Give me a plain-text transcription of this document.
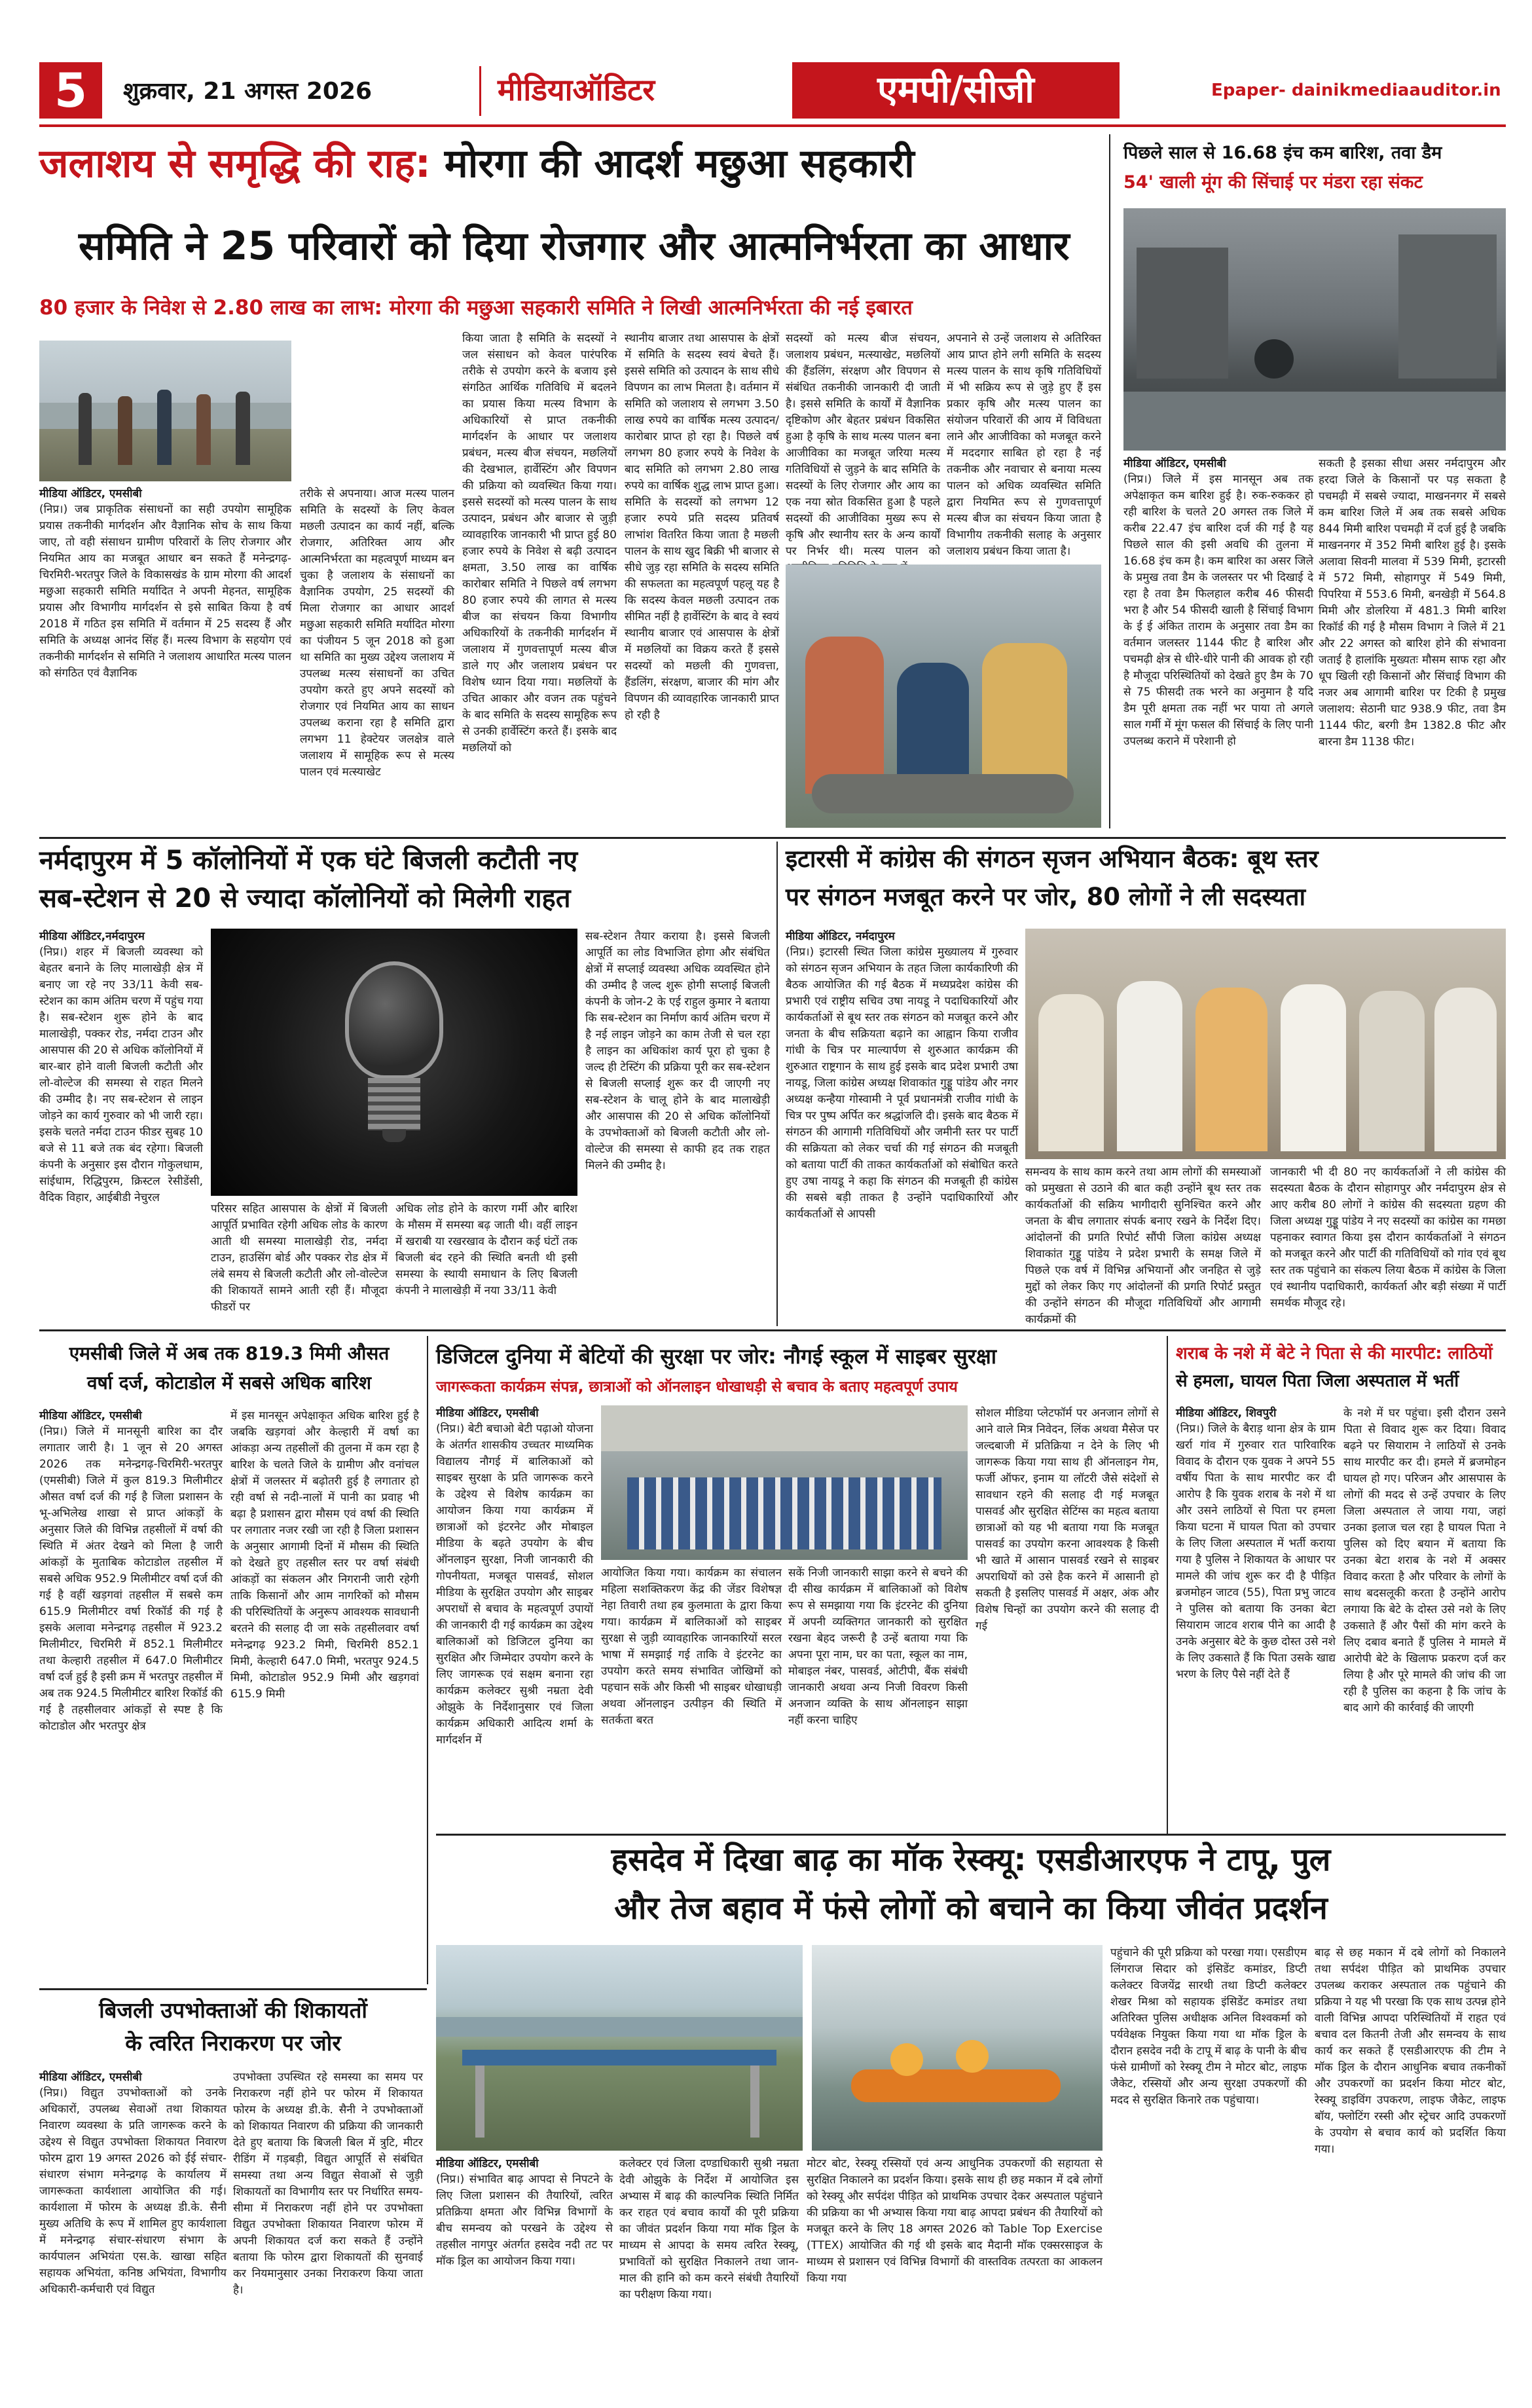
5	शुक्रवार, 21 अगस्त 2026	मीडियाऑडिटर	एमपी/सीजी	Epaper- dainikmediaauditor.in
जलाशय से समृद्धि की राह: मोरगा की आदर्श मछुआ सहकारी
समिति ने 25 परिवारों को दिया रोजगार और आत्मनिर्भरता का आधार
80 हजार के निवेश से 2.80 लाख का लाभ: मोरगा की मछुआ सहकारी समिति ने लिखी आत्मनिर्भरता की नई इबारत
मीडिया ऑडिटर, एमसीबी
(निप्र।) जब प्राकृतिक संसाधनों का सही उपयोग सामूहिक प्रयास तकनीकी मार्गदर्शन और वैज्ञानिक सोच के साथ किया जाए, तो वही संसाधन ग्रामीण परिवारों के लिए रोजगार और नियमित आय का मजबूत आधार बन सकते हैं मनेन्द्रगढ़-चिरमिरी-भरतपुर जिले के विकासखंड के ग्राम मोरगा की आदर्श मछुआ सहकारी समिति मर्यादित ने अपनी मेहनत, सामूहिक प्रयास और विभागीय मार्गदर्शन से इसे साबित किया है वर्ष 2018 में गठित इस समिति में वर्तमान में 25 सदस्य हैं और समिति के अध्यक्ष आनंद सिंह हैं। मत्स्य विभाग के सहयोग एवं तकनीकी मार्गदर्शन से समिति ने जलाशय आधारित मत्स्य पालन को संगठित एवं वैज्ञानिक
तरीके से अपनाया। आज मत्स्य पालन समिति के सदस्यों के लिए केवल मछली उत्पादन का कार्य नहीं, बल्कि रोजगार, अतिरिक्त आय और आत्मनिर्भरता का महत्वपूर्ण माध्यम बन चुका है जलाशय के संसाधनों का वैज्ञानिक उपयोग, 25 सदस्यों की मिला रोजगार का आधार आदर्श मछुआ सहकारी समिति मर्यादित मोरगा का पंजीयन 5 जून 2018 को हुआ था समिति का मुख्य उद्देश्य जलाशय में उपलब्ध मत्स्य संसाधनों का उचित उपयोग करते हुए अपने सदस्यों को रोजगार एवं नियमित आय का साधन उपलब्ध कराना रहा है समिति द्वारा लगभग 11 हेक्टेयर जलक्षेत्र वाले जलाशय में सामूहिक रूप से मत्स्य पालन एवं मत्स्याखेट
किया जाता है समिति के सदस्यों ने जल संसाधन को केवल पारंपरिक तरीके से उपयोग करने के बजाय इसे संगठित आर्थिक गतिविधि में बदलने का प्रयास किया मत्स्य विभाग के अधिकारियों से प्राप्त तकनीकी मार्गदर्शन के आधार पर जलाशय प्रबंधन, मत्स्य बीज संचयन, मछलियों की देखभाल, हार्वेस्टिंग और विपणन की प्रक्रिया को व्यवस्थित किया गया। इससे सदस्यों को मत्स्य पालन के साथ उत्पादन, प्रबंधन और बाजार से जुड़ी व्यावहारिक जानकारी भी प्राप्त हुई 80 हजार रुपये के निवेश से बढ़ी उत्पादन क्षमता, 3.50 लाख का वार्षिक कारोबार समिति ने पिछले वर्ष लगभग 80 हजार रुपये की लागत से मत्स्य बीज का संचयन किया विभागीय अधिकारियों के तकनीकी मार्गदर्शन में जलाशय में गुणवत्तापूर्ण मत्स्य बीज डाले गए और जलाशय प्रबंधन पर विशेष ध्यान दिया गया। मछलियों के उचित आकार और वजन तक पहुंचने के बाद समिति के सदस्य सामूहिक रूप से उनकी हार्वेस्टिंग करते हैं। इसके बाद मछलियों को
स्थानीय बाजार तथा आसपास के क्षेत्रों में समिति के सदस्य स्वयं बेचते हैं। इससे समिति को उत्पादन के साथ सीधे विपणन का लाभ मिलता है। वर्तमान में समिति को जलाशय से लगभग 3.50 लाख रुपये का वार्षिक मत्स्य उत्पादन/कारोबार प्राप्त हो रहा है। पिछले वर्ष लगभग 80 हजार रुपये के निवेश के बाद समिति को लगभग 2.80 लाख रुपये का वार्षिक शुद्ध लाभ प्राप्त हुआ। समिति के सदस्यों को लगभग 12 हजार रुपये प्रति सदस्य प्रतिवर्ष लाभांश वितरित किया जाता है मछली पालन के साथ खुद बिक्री भी बाजार से सीधे जुड़ रहा समिति के सदस्य समिति की सफलता का महत्वपूर्ण पहलू यह है कि सदस्य केवल मछली उत्पादन तक सीमित नहीं है हार्वेस्टिंग के बाद वे स्वयं स्थानीय बाजार एवं आसपास के क्षेत्रों में मछलियों का विक्रय करते हैं इससे सदस्यों को मछली की गुणवत्ता, हैंडलिंग, संरक्षण, बाजार की मांग और विपणन की व्यावहारिक जानकारी प्राप्त हो रही है
सदस्यों को मत्स्य बीज संचयन, जलाशय प्रबंधन, मत्स्याखेट, मछलियों की हैंडलिंग, संरक्षण और विपणन से संबंधित तकनीकी जानकारी दी जाती है। इससे समिति के कार्यों में वैज्ञानिक दृष्टिकोण और बेहतर प्रबंधन विकसित हुआ है कृषि के साथ मत्स्य पालन बना आजीविका का मजबूत जरिया मत्स्य गतिविधियों से जुड़ने के बाद समिति के सदस्यों के लिए रोजगार और आय का एक नया स्रोत विकसित हुआ है पहले सदस्यों की आजीविका मुख्य रूप से कृषि और स्थानीय स्तर के अन्य कार्यों पर निर्भर थी। मत्स्य पालन को
अपनाने से उन्हें जलाशय से अतिरिक्त आय प्राप्त होने लगी समिति के सदस्य मत्स्य पालन के साथ कृषि गतिविधियों में भी सक्रिय रूप से जुड़े हुए हैं इस प्रकार कृषि और मत्स्य पालन का संयोजन परिवारों की आय में विविधता लाने और आजीविका को मजबूत करने में मददगार साबित हो रहा है नई तकनीक और नवाचार से बनाया मत्स्य पालन को अधिक व्यवस्थित समिति द्वारा नियमित रूप से गुणवत्तापूर्ण मत्स्य बीज का संचयन किया जाता है विभागीय तकनीकी सलाह के अनुसार जलाशय प्रबंधन किया जाता है।
पिछले साल से 16.68 इंच कम बारिश, तवा डैम
54' खाली मूंग की सिंचाई पर मंडरा रहा संकट
मीडिया ऑडिटर, एमसीबी
(निप्र।) जिले में इस मानसून अब तक अपेक्षाकृत कम बारिश हुई है। रुक-रुककर हो रही बारिश के चलते 20 अगस्त तक जिले में करीब 22.47 इंच बारिश दर्ज की गई है यह पिछले साल की इसी अवधि की तुलना में 16.68 इंच कम है। कम बारिश का असर जिले के प्रमुख तवा डैम के जलस्तर पर भी दिखाई दे रहा है तवा डैम फिलहाल करीब 46 फीसदी भरा है और 54 फीसदी खाली है सिंचाई विभाग के ई ई अंकित ताराम के अनुसार तवा डैम का वर्तमान जलस्तर 1144 फीट है बारिश और पचमढ़ी क्षेत्र से धीरे-धीरे पानी की आवक हो रही है मौजूदा परिस्थितियों को देखते हुए डैम के 70 से 75 फीसदी तक भरने का अनुमान है यदि डैम पूरी क्षमता तक नहीं भर पाया तो अगले साल गर्मी में मूंग फसल की सिंचाई के लिए पानी उपलब्ध कराने में परेशानी हो
सकती है इसका सीधा असर नर्मदापुरम और हरदा जिले के किसानों पर पड़ सकता है पचमढ़ी में सबसे ज्यादा, माखननगर में सबसे कम बारिश जिले में अब तक सबसे अधिक 844 मिमी बारिश पचमढ़ी में दर्ज हुई है जबकि माखननगर में 352 मिमी बारिश हुई है। इसके अलावा सिवनी मालवा में 539 मिमी, इटारसी में 572 मिमी, सोहागपुर में 549 मिमी, पिपरिया में 553.6 मिमी, बनखेड़ी में 564.8 मिमी और डोलरिया में 481.3 मिमी बारिश रिकॉर्ड की गई है मौसम विभाग ने जिले में 21 और 22 अगस्त को बारिश होने की संभावना जताई है हालांकि मुख्यतः मौसम साफ रहा और धूप खिली रही किसानों और सिंचाई विभाग की नजर अब आगामी बारिश पर टिकी है प्रमुख जलाशय: सेठानी घाट 938.9 फीट, तवा डैम 1144 फीट, बरगी डैम 1382.8 फीट और बारना डैम 1138 फीट।
नर्मदापुरम में 5 कॉलोनियों में एक घंटे बिजली कटौती नए
सब-स्टेशन से 20 से ज्यादा कॉलोनियों को मिलेगी राहत
मीडिया ऑडिटर,नर्मदापुरम
(निप्र।) शहर में बिजली व्यवस्था को बेहतर बनाने के लिए मालाखेड़ी क्षेत्र में बनाए जा रहे नए 33/11 केवी सब-स्टेशन का काम अंतिम चरण में पहुंच गया है। सब-स्टेशन शुरू होने के बाद मालाखेड़ी, पक्कर रोड, नर्मदा टाउन और आसपास की 20 से अधिक कॉलोनियों में बार-बार होने वाली बिजली कटौती और लो-वोल्टेज की समस्या से राहत मिलने की उम्मीद है। नए सब-स्टेशन से लाइन जोड़ने का कार्य गुरुवार को भी जारी रहा। इसके चलते नर्मदा टाउन फीडर सुबह 10 बजे से 11 बजे तक बंद रहेगा। बिजली कंपनी के अनुसार इस दौरान गोकुलधाम, सांईधाम, रिद्धिपुरम, क्रिस्टल रेसीडेंसी, वैदिक विहार, आईबीडी नेचुरल
परिसर सहित आसपास के क्षेत्रों में बिजली आपूर्ति प्रभावित रहेगी अधिक लोड के कारण आती थी समस्या मालाखेड़ी रोड, नर्मदा टाउन, हाउसिंग बोर्ड और पक्कर रोड क्षेत्र में लंबे समय से बिजली कटौती और लो-वोल्टेज की शिकायतें सामने आती रही हैं। मौजूदा फीडरों पर
अधिक लोड होने के कारण गर्मी और बारिश के मौसम में समस्या बढ़ जाती थी। वहीं लाइन में खराबी या रखरखाव के दौरान कई घंटों तक बिजली बंद रहने की स्थिति बनती थी इसी समस्या के स्थायी समाधान के लिए बिजली कंपनी ने मालाखेड़ी में नया 33/11 केवी
सब-स्टेशन तैयार कराया है। इससे बिजली आपूर्ति का लोड विभाजित होगा और संबंधित क्षेत्रों में सप्लाई व्यवस्था अधिक व्यवस्थित होने की उम्मीद है जल्द शुरू होगी सप्लाई बिजली कंपनी के जोन-2 के एई राहुल कुमार ने बताया कि सब-स्टेशन का निर्माण कार्य अंतिम चरण में है नई लाइन जोड़ने का काम तेजी से चल रहा है लाइन का अधिकांश कार्य पूरा हो चुका है जल्द ही टेस्टिंग की प्रक्रिया पूरी कर सब-स्टेशन से बिजली सप्लाई शुरू कर दी जाएगी नए सब-स्टेशन के चालू होने के बाद मालाखेड़ी और आसपास की 20 से अधिक कॉलोनियों के उपभोक्ताओं को बिजली कटौती और लो-वोल्टेज की समस्या से काफी हद तक राहत मिलने की उम्मीद है।
इटारसी में कांग्रेस की संगठन सृजन अभियान बैठक: बूथ स्तर
पर संगठन मजबूत करने पर जोर, 80 लोगों ने ली सदस्यता
मीडिया ऑडिटर, नर्मदापुरम
(निप्र।) इटारसी स्थित जिला कांग्रेस मुख्यालय में गुरुवार को संगठन सृजन अभियान के तहत जिला कार्यकारिणी की बैठक आयोजित की गई बैठक में मध्यप्रदेश कांग्रेस की प्रभारी एवं राष्ट्रीय सचिव उषा नायडू ने पदाधिकारियों और कार्यकर्ताओं से बूथ स्तर तक संगठन को मजबूत करने और जनता के बीच सक्रियता बढ़ाने का आह्वान किया राजीव गांधी के चित्र पर माल्यार्पण से शुरुआत कार्यक्रम की शुरुआत राष्ट्रगान के साथ हुई इसके बाद प्रदेश प्रभारी उषा नायडू, जिला कांग्रेस अध्यक्ष शिवाकांत गुड्डू पांडेय और नगर अध्यक्ष कन्हैया गोस्वामी ने पूर्व प्रधानमंत्री राजीव गांधी के चित्र पर पुष्प अर्पित कर श्रद्धांजलि दी। इसके बाद बैठक में संगठन की आगामी गतिविधियों और जमीनी स्तर पर पार्टी की सक्रियता को लेकर चर्चा की गई संगठन की मजबूती को बताया पार्टी की ताकत कार्यकर्ताओं को संबोधित करते हुए उषा नायडू ने कहा कि संगठन की मजबूती ही कांग्रेस की सबसे बड़ी ताकत है उन्होंने पदाधिकारियों और कार्यकर्ताओं से आपसी
समन्वय के साथ काम करने तथा आम लोगों की समस्याओं को प्रमुखता से उठाने की बात कही उन्होंने बूथ स्तर तक कार्यकर्ताओं की सक्रिय भागीदारी सुनिश्चित करने और जनता के बीच लगातार संपर्क बनाए रखने के निर्देश दिए। आंदोलनों की प्रगति रिपोर्ट सौंपी जिला कांग्रेस अध्यक्ष शिवाकांत गुड्डू पांडेय ने प्रदेश प्रभारी के समक्ष जिले में पिछले एक वर्ष में विभिन्न अभियानों और जनहित से जुड़े मुद्दों को लेकर किए गए आंदोलनों की प्रगति रिपोर्ट प्रस्तुत की उन्होंने संगठन की मौजूदा गतिविधियों और आगामी कार्यक्रमों की
जानकारी भी दी 80 नए कार्यकर्ताओं ने ली कांग्रेस की सदस्यता बैठक के दौरान सोहागपुर और नर्मदापुरम क्षेत्र से आए करीब 80 लोगों ने कांग्रेस की सदस्यता ग्रहण की जिला अध्यक्ष गुड्डू पांडेय ने नए सदस्यों का कांग्रेस का गमछा पहनाकर स्वागत किया इस दौरान कार्यकर्ताओं ने संगठन को मजबूत करने और पार्टी की गतिविधियों को गांव एवं बूथ स्तर तक पहुंचाने का संकल्प लिया बैठक में कांग्रेस के जिला एवं स्थानीय पदाधिकारी, कार्यकर्ता और बड़ी संख्या में पार्टी समर्थक मौजूद रहे।
एमसीबी जिले में अब तक 819.3 मिमी औसत
वर्षा दर्ज, कोटाडोल में सबसे अधिक बारिश
मीडिया ऑडिटर, एमसीबी
(निप्र।) जिले में मानसूनी बारिश का दौर लगातार जारी है। 1 जून से 20 अगस्त 2026 तक मनेन्द्रगढ़-चिरमिरी-भरतपुर (एमसीबी) जिले में कुल 819.3 मिलीमीटर औसत वर्षा दर्ज की गई है जिला प्रशासन के भू-अभिलेख शाखा से प्राप्त आंकड़ों के अनुसार जिले की विभिन्न तहसीलों में वर्षा की स्थिति में अंतर देखने को मिला है जारी आंकड़ों के मुताबिक कोटाडोल तहसील में सबसे अधिक 952.9 मिलीमीटर वर्षा दर्ज की गई है वहीं खड़गवां तहसील में सबसे कम 615.9 मिलीमीटर वर्षा रिकॉर्ड की गई है इसके अलावा मनेन्द्रगढ़ तहसील में 923.2 मिलीमीटर, चिरमिरी में 852.1 मिलीमीटर तथा केल्हारी तहसील में 647.0 मिलीमीटर वर्षा दर्ज हुई है इसी क्रम में भरतपुर तहसील में अब तक 924.5 मिलीमीटर बारिश रिकॉर्ड की गई है तहसीलवार आंकड़ों से स्पष्ट है कि कोटाडोल और भरतपुर क्षेत्र
में इस मानसून अपेक्षाकृत अधिक बारिश हुई है जबकि खड़गवां और केल्हारी में वर्षा का आंकड़ा अन्य तहसीलों की तुलना में कम रहा है बारिश के चलते जिले के ग्रामीण और वनांचल क्षेत्रों में जलस्तर में बढ़ोतरी हुई है लगातार हो रही वर्षा से नदी-नालों में पानी का प्रवाह भी बढ़ा है प्रशासन द्वारा मौसम एवं वर्षा की स्थिति पर लगातार नजर रखी जा रही है जिला प्रशासन के अनुसार आगामी दिनों में मौसम की स्थिति को देखते हुए तहसील स्तर पर वर्षा संबंधी आंकड़ों का संकलन और निगरानी जारी रहेगी ताकि किसानों और आम नागरिकों को मौसम की परिस्थितियों के अनुरूप आवश्यक सावधानी बरतने की सलाह दी जा सके तहसीलवार वर्षा मनेन्द्रगढ़ 923.2 मिमी, चिरमिरी 852.1 मिमी, केल्हारी 647.0 मिमी, भरतपुर 924.5 मिमी, कोटाडोल 952.9 मिमी और खड़गवां 615.9 मिमी
डिजिटल दुनिया में बेटियों की सुरक्षा पर जोर: नौगई स्कूल में साइबर सुरक्षा
जागरूकता कार्यक्रम संपन्न, छात्राओं को ऑनलाइन धोखाधड़ी से बचाव के बताए महत्वपूर्ण उपाय
मीडिया ऑडिटर, एमसीबी
(निप्र।) बेटी बचाओ बेटी पढ़ाओ योजना के अंतर्गत शासकीय उच्चतर माध्यमिक विद्यालय नौगई में बालिकाओं को साइबर सुरक्षा के प्रति जागरूक करने के उद्देश्य से विशेष कार्यक्रम का आयोजन किया गया कार्यक्रम में छात्राओं को इंटरनेट और मोबाइल मीडिया के बढ़ते उपयोग के बीच ऑनलाइन सुरक्षा, निजी जानकारी की गोपनीयता, मजबूत पासवर्ड, सोशल मीडिया के सुरक्षित उपयोग और साइबर अपराधों से बचाव के महत्वपूर्ण उपायों की जानकारी दी गई कार्यक्रम का उद्देश्य बालिकाओं को डिजिटल दुनिया का सुरक्षित और जिम्मेदार उपयोग करने के लिए जागरूक एवं सक्षम बनाना रहा कार्यक्रम कलेक्टर सुश्री नम्रता देवी ओझुके के निर्देशानुसार एवं जिला कार्यक्रम अधिकारी आदित्य शर्मा के मार्गदर्शन में
आयोजित किया गया। कार्यक्रम का संचालन महिला सशक्तिकरण केंद्र की जेंडर विशेषज्ञ नेहा तिवारी तथा हब कुलमाता के द्वारा किया गया। कार्यक्रम में बालिकाओं को साइबर सुरक्षा से जुड़ी व्यावहारिक जानकारियों सरल भाषा में समझाई गई ताकि वे इंटरनेट का उपयोग करते समय संभावित जोखिमों को पहचान सकें और किसी भी साइबर धोखाधड़ी अथवा ऑनलाइन उत्पीड़न की स्थिति में सतर्कता बरत
सकें निजी जानकारी साझा करने से बचने की दी सीख कार्यक्रम में बालिकाओं को विशेष रूप से समझाया गया कि इंटरनेट की दुनिया में अपनी व्यक्तिगत जानकारी को सुरक्षित रखना बेहद जरूरी है उन्हें बताया गया कि अपना पूरा नाम, घर का पता, स्कूल का नाम, मोबाइल नंबर, पासवर्ड, ओटीपी, बैंक संबंधी जानकारी अथवा अन्य निजी विवरण किसी अनजान व्यक्ति के साथ ऑनलाइन साझा नहीं करना चाहिए
सोशल मीडिया प्लेटफॉर्म पर अनजान लोगों से आने वाले मित्र निवेदन, लिंक अथवा मैसेज पर जल्दबाजी में प्रतिक्रिया न देने के लिए भी जागरूक किया गया साथ ही ऑनलाइन गेम, फर्जी ऑफर, इनाम या लॉटरी जैसे संदेशों से सावधान रहने की सलाह दी गई मजबूत पासवर्ड और सुरक्षित सेटिंग्स का महत्व बताया छात्राओं को यह भी बताया गया कि मजबूत पासवर्ड का उपयोग करना आवश्यक है किसी भी खाते में आसान पासवर्ड रखने से साइबर अपराधियों को उसे हैक करने में आसानी हो सकती है इसलिए पासवर्ड में अक्षर, अंक और विशेष चिन्हों का उपयोग करने की सलाह दी गई
शराब के नशे में बेटे ने पिता से की मारपीट: लाठियों
से हमला, घायल पिता जिला अस्पताल में भर्ती
मीडिया ऑडिटर, शिवपुरी
(निप्र।) जिले के बैराड़ थाना क्षेत्र के ग्राम खर्रा गांव में गुरुवार रात पारिवारिक विवाद के दौरान एक युवक ने अपने 55 वर्षीय पिता के साथ मारपीट कर दी आरोप है कि युवक शराब के नशे में था और उसने लाठियों से पिता पर हमला किया घटना में घायल पिता को उपचार के लिए जिला अस्पताल में भर्ती कराया गया है पुलिस ने शिकायत के आधार पर मामले की जांच शुरू कर दी है पीड़ित ब्रजमोहन जाटव (55), पिता प्रभु जाटव ने पुलिस को बताया कि उनका बेटा सियाराम जाटव शराब पीने का आदी है उनके अनुसार बेटे के कुछ दोस्त उसे नशे के लिए उकसाते हैं कि पिता उसके खाद्य भरण के लिए पैसे नहीं देते हैं
के नशे में घर पहुंचा। इसी दौरान उसने पिता से विवाद शुरू कर दिया। विवाद बढ़ने पर सियाराम ने लाठियों से उनके साथ मारपीट कर दी। हमले में ब्रजमोहन घायल हो गए। परिजन और आसपास के लोगों की मदद से उन्हें उपचार के लिए जिला अस्पताल ले जाया गया, जहां उनका इलाज चल रहा है घायल पिता ने पुलिस को दिए बयान में बताया कि उनका बेटा शराब के नशे में अक्सर विवाद करता है और परिवार के लोगों के साथ बदसलूकी करता है उन्होंने आरोप लगाया कि बेटे के दोस्त उसे नशे के लिए उकसाते हैं और पैसों की मांग करने के लिए दबाव बनाते हैं पुलिस ने मामले में आरोपी बेटे के खिलाफ प्रकरण दर्ज कर लिया है और पूरे मामले की जांच की जा रही है पुलिस का कहना है कि जांच के बाद आगे की कार्रवाई की जाएगी
हसदेव में दिखा बाढ़ का मॉक रेस्क्यू: एसडीआरएफ ने टापू, पुल
और तेज बहाव में फंसे लोगों को बचाने का किया जीवंत प्रदर्शन
मीडिया ऑडिटर, एमसीबी
(निप्र।) संभावित बाढ़ आपदा से निपटने के लिए जिला प्रशासन की तैयारियों, त्वरित प्रतिक्रिया क्षमता और विभिन्न विभागों के बीच समन्वय को परखने के उद्देश्य से तहसील नागपुर अंतर्गत हसदेव नदी तट पर मॉक ड्रिल का आयोजन किया गया।
कलेक्टर एवं जिला दण्डाधिकारी सुश्री नम्रता देवी ओझुके के निर्देश में आयोजित इस अभ्यास में बाढ़ की काल्पनिक स्थिति निर्मित कर राहत एवं बचाव कार्यों की पूरी प्रक्रिया का जीवंत प्रदर्शन किया गया मॉक ड्रिल के माध्यम से आपदा के समय त्वरित रेस्क्यू, प्रभावितों को सुरक्षित निकालने तथा जान-माल की हानि को कम करने संबंधी तैयारियों का परीक्षण किया गया।
पहुंचाने की पूरी प्रक्रिया को परखा गया। एसडीएम लिंगराज सिदार को इंसिडेंट कमांडर, डिप्टी कलेक्टर विजयेंद्र सारथी तथा डिप्टी कलेक्टर शेखर मिश्रा को सहायक इंसिडेंट कमांडर तथा अतिरिक्त पुलिस अधीक्षक अनिल विश्वकर्मा को पर्यवेक्षक नियुक्त किया गया था मॉक ड्रिल के दौरान हसदेव नदी के टापू में बाढ़ के पानी के बीच फंसे ग्रामीणों को रेस्क्यू टीम ने मोटर बोट, लाइफ जैकेट, रस्सियों और अन्य सुरक्षा उपकरणों की मदद से सुरक्षित किनारे तक पहुंचाया।
बाढ़ से छह मकान में दबे लोगों को निकालने तथा सर्पदंश पीड़ित को प्राथमिक उपचार उपलब्ध कराकर अस्पताल तक पहुंचाने की प्रक्रिया ने यह भी परखा कि एक साथ उत्पन्न होने वाली विभिन्न आपदा परिस्थितियों में राहत एवं बचाव दल कितनी तेजी और समन्वय के साथ कार्य कर सकते हैं एसडीआरएफ की टीम ने मॉक ड्रिल के दौरान आधुनिक बचाव तकनीकों और उपकरणों का प्रदर्शन किया मोटर बोट, रेस्क्यू डाइविंग उपकरण, लाइफ जैकेट, लाइफ बॉय, फ्लोटिंग रस्सी और स्ट्रेचर आदि उपकरणों के उपयोग से बचाव कार्य को प्रदर्शित किया गया।
मोटर बोट, रेस्क्यू रस्सियों एवं अन्य आधुनिक उपकरणों की सहायता से सुरक्षित निकालने का प्रदर्शन किया। इसके साथ ही छह मकान में दबे लोगों को रेस्क्यू और सर्पदंश पीड़ित को प्राथमिक उपचार देकर अस्पताल पहुंचाने की प्रक्रिया का भी अभ्यास किया गया बाढ़ आपदा प्रबंधन की तैयारियों को मजबूत करने के लिए 18 अगस्त 2026 को Table Top Exercise (TTEX) आयोजित की गई थी इसके बाद मैदानी मॉक एक्सरसाइज के माध्यम से प्रशासन एवं विभिन्न विभागों की वास्तविक तत्परता का आकलन किया गया
बिजली उपभोक्ताओं की शिकायतों
के त्वरित निराकरण पर जोर
मीडिया ऑडिटर, एमसीबी
(निप्र।) विद्युत उपभोक्ताओं को उनके अधिकारों, उपलब्ध सेवाओं तथा शिकायत निवारण व्यवस्था के प्रति जागरूक करने के उद्देश्य से विद्युत उपभोक्ता शिकायत निवारण फोरम द्वारा 19 अगस्त 2026 को ईई संचार-संधारण संभाग मनेन्द्रगढ़ के कार्यालय में जागरूकता कार्यशाला आयोजित की गई। कार्यशाला में फोरम के अध्यक्ष डी.के. सैनी मुख्य अतिथि के रूप में शामिल हुए कार्यशाला में मनेन्द्रगढ़ संचार-संधारण संभाग के कार्यपालन अभियंता एस.के. खाखा सहित सहायक अभियंता, कनिष्ठ अभियंता, विभागीय अधिकारी-कर्मचारी एवं विद्युत
उपभोक्ता उपस्थित रहे समस्या का समय पर निराकरण नहीं होने पर फोरम में शिकायत फोरम के अध्यक्ष डी.के. सैनी ने उपभोक्ताओं को शिकायत निवारण की प्रक्रिया की जानकारी देते हुए बताया कि बिजली बिल में त्रुटि, मीटर रीडिंग में गड़बड़ी, विद्युत आपूर्ति से संबंधित समस्या तथा अन्य विद्युत सेवाओं से जुड़ी शिकायतों का विभागीय स्तर पर निर्धारित समय-सीमा में निराकरण नहीं होने पर उपभोक्ता विद्युत उपभोक्ता शिकायत निवारण फोरम में अपनी शिकायत दर्ज करा सकते हैं उन्होंने बताया कि फोरम द्वारा शिकायतों की सुनवाई कर नियमानुसार उनका निराकरण किया जाता है।
